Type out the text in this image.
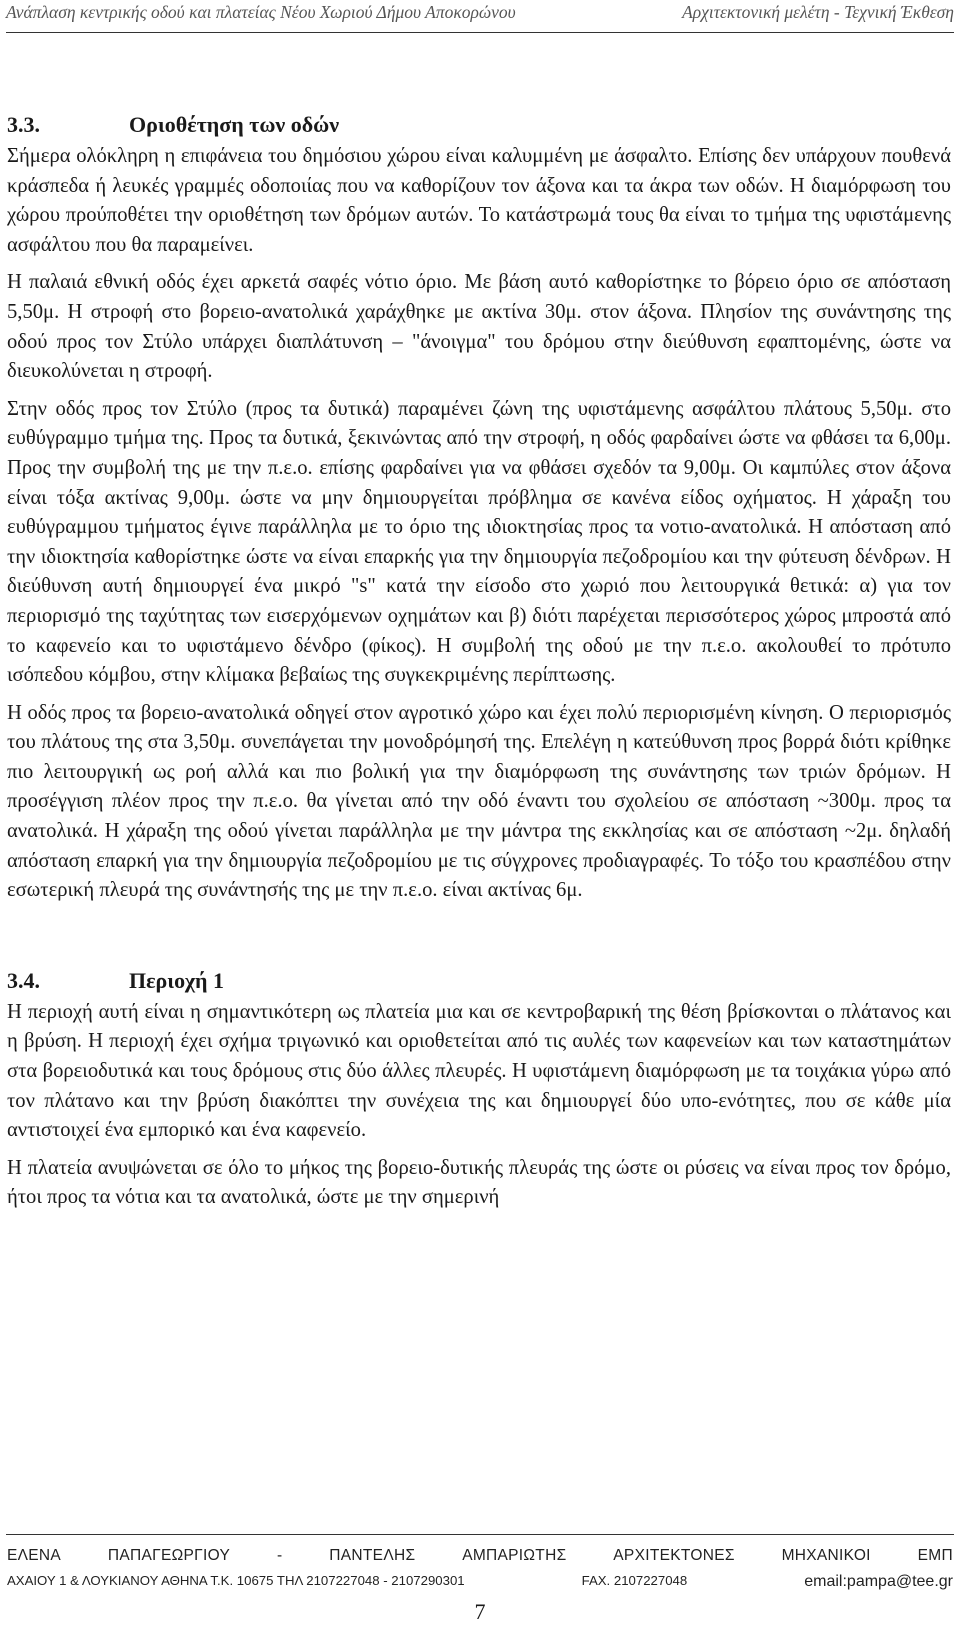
Ανάπλαση κεντρικής οδού και πλατείας Νέου Χωριού Δήμου Αποκορώνου	Αρχιτεκτονική μελέτη - Τεχνική Έκθεση
3.3.	Οριοθέτηση των οδών

Σήμερα ολόκληρη η επιφάνεια του δημόσιου χώρου είναι καλυμμένη με άσφαλτο. Επίσης δεν υπάρχουν πουθενά κράσπεδα ή λευκές γραμμές οδοποιίας που να καθορίζουν τον άξονα και τα άκρα των οδών. Η διαμόρφωση του χώρου προύποθέτει την οριοθέτηση των δρόμων αυτών. Το κατάστρωμά τους θα είναι το τμήμα της υφιστάμενης ασφάλτου που θα παραμείνει.

Η παλαιά εθνική οδός έχει αρκετά σαφές νότιο όριο. Με βάση αυτό καθορίστηκε το βόρειο όριο σε απόσταση 5,50μ. Η στροφή στο βορειο-ανατολικά χαράχθηκε με ακτίνα 30μ. στον άξονα. Πλησίον της συνάντησης της οδού προς τον Στύλο υπάρχει διαπλάτυνση – "άνοιγμα" του δρόμου στην διεύθυνση εφαπτομένης, ώστε να διευκολύνεται η στροφή.

Στην οδός προς τον Στύλο (προς τα δυτικά) παραμένει ζώνη της υφιστάμενης ασφάλτου πλάτους 5,50μ. στο ευθύγραμμο τμήμα της. Προς τα δυτικά, ξεκινώντας από την στροφή, η οδός φαρδαίνει ώστε να φθάσει τα 6,00μ. Προς την συμβολή της με την π.ε.ο. επίσης φαρδαίνει για να φθάσει σχεδόν τα 9,00μ. Οι καμπύλες στον άξονα είναι τόξα ακτίνας 9,00μ. ώστε να μην δημιουργείται πρόβλημα σε κανένα είδος οχήματος. Η χάραξη του ευθύγραμμου τμήματος έγινε παράλληλα με το όριο της ιδιοκτησίας προς τα νοτιο-ανατολικά. Η απόσταση από την ιδιοκτησία καθορίστηκε ώστε να είναι επαρκής για την δημιουργία πεζοδρομίου και την φύτευση δένδρων. Η διεύθυνση αυτή δημιουργεί ένα μικρό "s" κατά την είσοδο στο χωριό που λειτουργικά θετικά: α) για τον περιορισμό της ταχύτητας των εισερχόμενων οχημάτων και β) διότι παρέχεται περισσότερος χώρος μπροστά από το καφενείο και το υφιστάμενο δένδρο (φίκος). Η συμβολή της οδού με την π.ε.ο. ακολουθεί το πρότυπο ισόπεδου κόμβου, στην κλίμακα βεβαίως της συγκεκριμένης περίπτωσης.

Η οδός προς τα βορειο-ανατολικά οδηγεί στον αγροτικό χώρο και έχει πολύ περιορισμένη κίνηση. Ο περιορισμός του πλάτους της στα 3,50μ. συνεπάγεται την μονοδρόμησή της. Επελέγη η κατεύθυνση προς βορρά διότι κρίθηκε πιο λειτουργική ως ροή αλλά και πιο βολική για την διαμόρφωση της συνάντησης των τριών δρόμων. Η προσέγγιση πλέον προς την π.ε.ο. θα γίνεται από την οδό έναντι του σχολείου σε απόσταση ~300μ. προς τα ανατολικά. Η χάραξη της οδού γίνεται παράλληλα με την μάντρα της εκκλησίας και σε απόσταση ~2μ. δηλαδή απόσταση επαρκή για την δημιουργία πεζοδρομίου με τις σύγχρονες προδιαγραφές. Το τόξο του κρασπέδου στην εσωτερική πλευρά της συνάντησής της με την π.ε.ο. είναι ακτίνας 6μ.

3.4.	Περιοχή 1

Η περιοχή αυτή είναι η σημαντικότερη ως πλατεία μια και σε κεντροβαρική της θέση βρίσκονται ο πλάτανος και η βρύση. Η περιοχή έχει σχήμα τριγωνικό και οριοθετείται από τις αυλές των καφενείων και των καταστημάτων στα βορειοδυτικά και τους δρόμους στις δύο άλλες πλευρές. Η υφιστάμενη διαμόρφωση με τα τοιχάκια γύρω από τον πλάτανο και την βρύση διακόπτει την συνέχεια της και δημιουργεί δύο υπο-ενότητες, που σε κάθε μία αντιστοιχεί ένα εμπορικό και ένα καφενείο.

Η πλατεία ανυψώνεται σε όλο το μήκος της βορειο-δυτικής πλευράς της ώστε οι ρύσεις να είναι προς τον δρόμο, ήτοι προς τα νότια και τα ανατολικά, ώστε με την σημερινή

ΕΛΕΝΑ	ΠΑΠΑΓΕΩΡΓΙΟΥ	-	ΠΑΝΤΕΛΗΣ	ΑΜΠΑΡΙΩΤΗΣ	ΑΡΧΙΤΕΚΤΟΝΕΣ	ΜΗΧΑΝΙΚΟΙ	ΕΜΠ
ΑΧΑΙΟΥ 1 & ΛΟΥΚΙΑΝΟΥ ΑΘΗΝΑ Τ.Κ. 10675 ΤΗΛ 2107227048 - 2107290301	FAX. 2107227048	email:pampa@tee.gr
7
